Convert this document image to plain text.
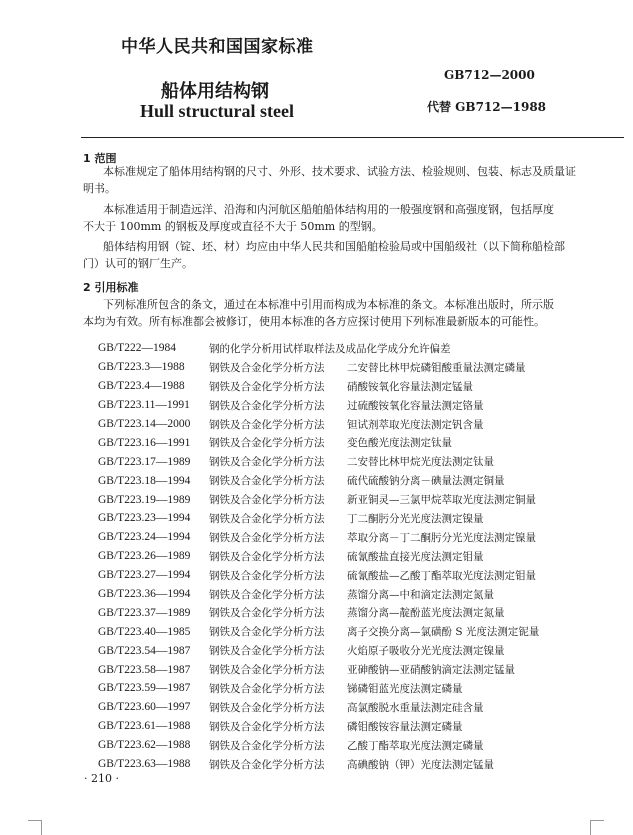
中华人民共和国国家标准
船体用结构钢
Hull structural steel
GB712—2000
代替 GB712—1988
1 范围
本标准规定了船体用结构钢的尺寸、外形、技术要求、试验方法、检验规则、包装、标志及质量证
明书。
本标准适用于制造远洋、沿海和内河航区船舶船体结构用的一般强度钢和高强度钢，包括厚度
不大于 100mm 的钢板及厚度或直径不大于 50mm 的型钢。
船体结构用钢（锭、坯、材）均应由中华人民共和国船舶检验局或中国船级社（以下简称船检部
门）认可的钢厂生产。
2 引用标准
下列标准所包含的条文，通过在本标准中引用而构成为本标准的条文。本标准出版时，所示版
本均为有效。所有标准都会被修订，使用本标准的各方应探讨使用下列标准最新版本的可能性。
GB/T222—1984	钢的化学分析用试样取样法及成品化学成分允许偏差
GB/T223.3—1988	钢铁及合金化学分析方法	二安替比林甲烷磷钼酸重量法测定磷量
GB/T223.4—1988	钢铁及合金化学分析方法	硝酸铵氧化容量法测定锰量
GB/T223.11—1991	钢铁及合金化学分析方法	过硫酸铵氧化容量法测定铬量
GB/T223.14—2000	钢铁及合金化学分析方法	钽试剂萃取光度法测定钒含量
GB/T223.16—1991	钢铁及合金化学分析方法	变色酸光度法测定钛量
GB/T223.17—1989	钢铁及合金化学分析方法	二安替比林甲烷光度法测定钛量
GB/T223.18—1994	钢铁及合金化学分析方法	硫代硫酸钠分离－碘量法测定铜量
GB/T223.19—1989	钢铁及合金化学分析方法	新亚铜灵—三氯甲烷萃取光度法测定铜量
GB/T223.23—1994	钢铁及合金化学分析方法	丁二酮肟分光光度法测定镍量
GB/T223.24—1994	钢铁及合金化学分析方法	萃取分离－丁二酮肟分光光度法测定镍量
GB/T223.26—1989	钢铁及合金化学分析方法	硫氰酸盐直接光度法测定钼量
GB/T223.27—1994	钢铁及合金化学分析方法	硫氰酸盐—乙酸丁酯萃取光度法测定钼量
GB/T223.36—1994	钢铁及合金化学分析方法	蒸馏分离—中和滴定法测定氮量
GB/T223.37—1989	钢铁及合金化学分析方法	蒸馏分离—靛酚蓝光度法测定氮量
GB/T223.40—1985	钢铁及合金化学分析方法	离子交换分离—氯磺酚 S 光度法测定铌量
GB/T223.54—1987	钢铁及合金化学分析方法	火焰原子吸收分光光度法测定镍量
GB/T223.58—1987	钢铁及合金化学分析方法	亚砷酸钠—亚硝酸钠滴定法测定锰量
GB/T223.59—1987	钢铁及合金化学分析方法	锑磷钼蓝光度法测定磷量
GB/T223.60—1997	钢铁及合金化学分析方法	高氯酸脱水重量法测定硅含量
GB/T223.61—1988	钢铁及合金化学分析方法	磷钼酸铵容量法测定磷量
GB/T223.62—1988	钢铁及合金化学分析方法	乙酸丁酯萃取光度法测定磷量
GB/T223.63—1988	钢铁及合金化学分析方法	高碘酸钠（钾）光度法测定锰量
· 210 ·
